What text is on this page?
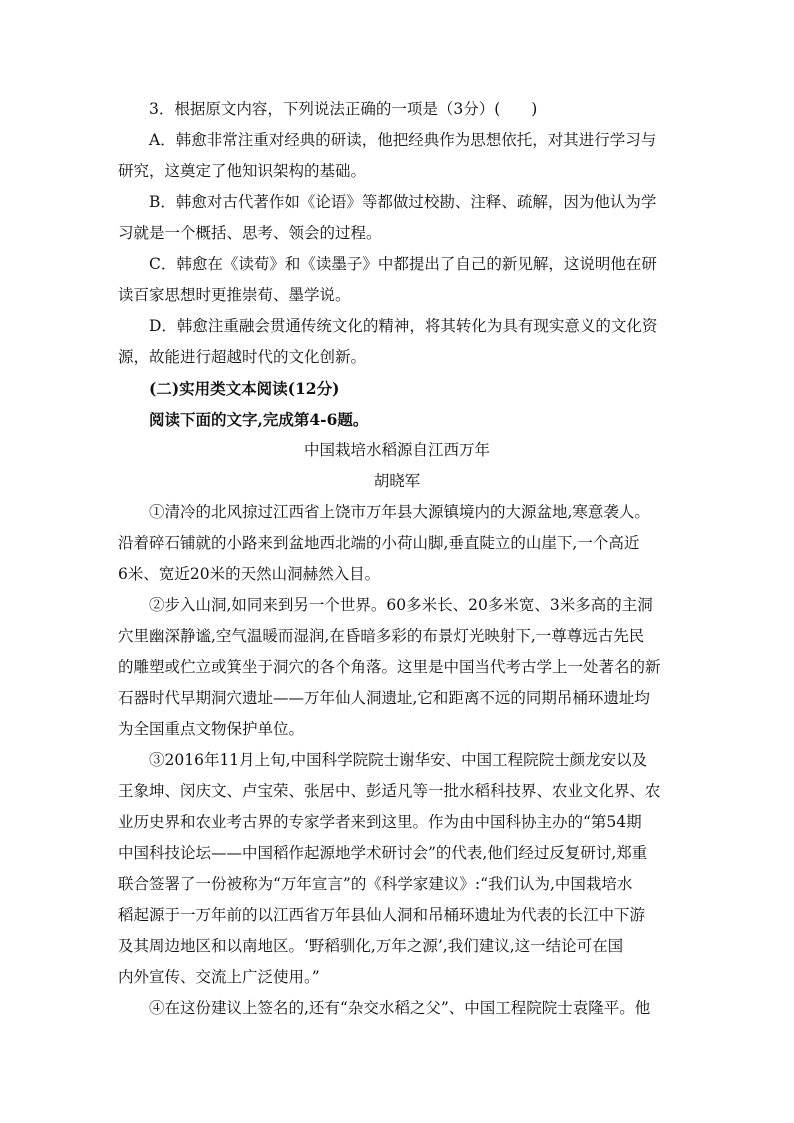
3．根据原文内容，下列说法正确的一项是（3分）(　　)
A．韩愈非常注重对经典的研读，他把经典作为思想依托，对其进行学习与
研究，这奠定了他知识架构的基础。
B．韩愈对古代著作如《论语》等都做过校勘、注释、疏解，因为他认为学
习就是一个概括、思考、领会的过程。
C．韩愈在《读荀》和《读墨子》中都提出了自己的新见解，这说明他在研
读百家思想时更推崇荀、墨学说。
D．韩愈注重融会贯通传统文化的精神，将其转化为具有现实意义的文化资
源，故能进行超越时代的文化创新。
(二)实用类文本阅读(12分)
阅读下面的文字,完成第4-6题。
中国栽培水稻源自江西万年
胡晓军
①清冷的北风掠过江西省上饶市万年县大源镇境内的大源盆地,寒意袭人。
沿着碎石铺就的小路来到盆地西北端的小荷山脚,垂直陡立的山崖下,一个高近
6米、宽近20米的天然山洞赫然入目。
②步入山洞,如同来到另一个世界。60多米长、20多米宽、3米多高的主洞
穴里幽深静谧,空气温暖而湿润,在昏暗多彩的布景灯光映射下,一尊尊远古先民
的雕塑或伫立或箕坐于洞穴的各个角落。这里是中国当代考古学上一处著名的新
石器时代早期洞穴遗址——万年仙人洞遗址,它和距离不远的同期吊桶环遗址均
为全国重点文物保护单位。
③2016年11月上旬,中国科学院院士谢华安、中国工程院院士颜龙安以及
王象坤、闵庆文、卢宝荣、张居中、彭适凡等一批水稻科技界、农业文化界、农
业历史界和农业考古界的专家学者来到这里。作为由中国科协主办的“第54期
中国科技论坛——中国稻作起源地学术研讨会”的代表,他们经过反复研讨,郑重
联合签署了一份被称为“万年宣言”的《科学家建议》:“我们认为,中国栽培水
稻起源于一万年前的以江西省万年县仙人洞和吊桶环遗址为代表的长江中下游
及其周边地区和以南地区。‘野稻驯化,万年之源’,我们建议,这一结论可在国
内外宣传、交流上广泛使用。”
④在这份建议上签名的,还有“杂交水稻之父”、中国工程院院士袁隆平。他
